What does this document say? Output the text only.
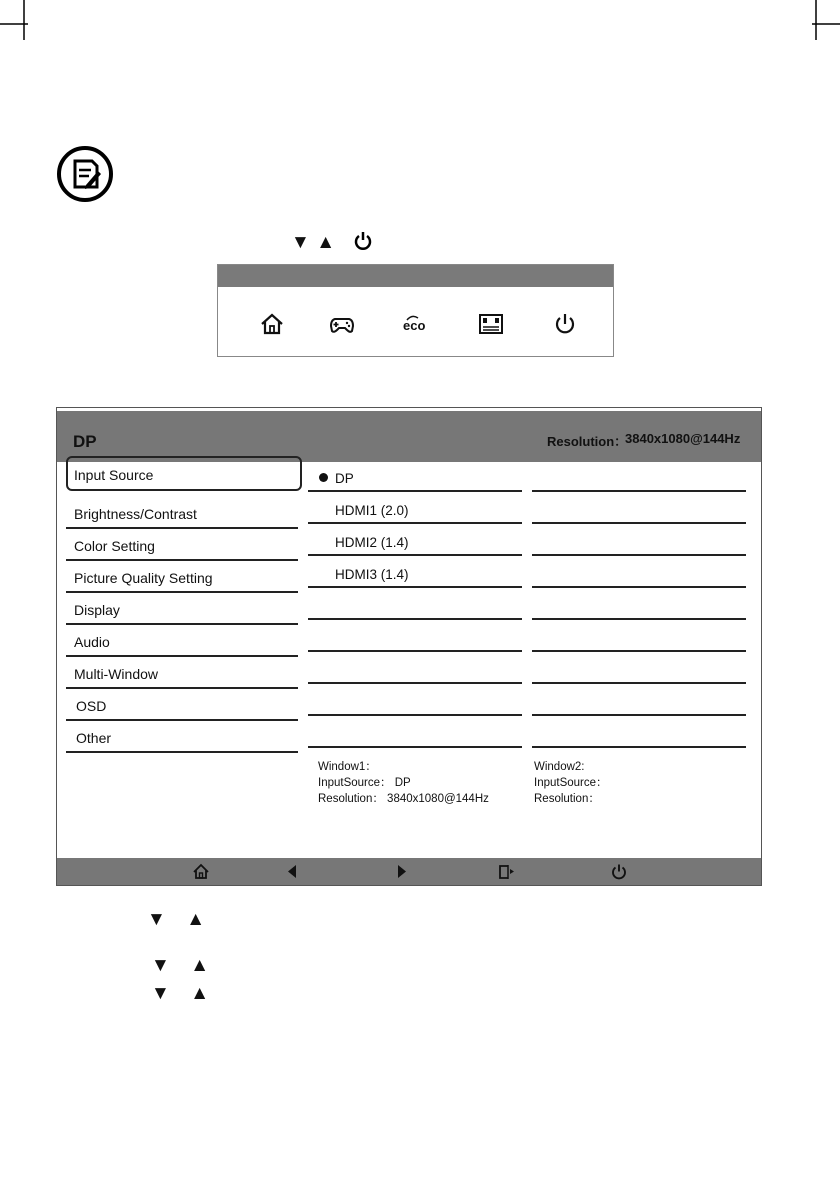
▼ ▲
eco
DP	Resolution：
3840x1080@144Hz
Input Source
Brightness/Contrast
Color Setting
Picture Quality Setting
Display
Audio
Multi-Window
OSD
Other
DP
HDMI1 (2.0)
HDMI2 (1.4)
HDMI3 (1.4)
Window1：
InputSource： DP
Resolution： 3840x1080@144Hz
Window2:
InputSource：
Resolution：
▼ ▲
▼ ▲
▼ ▲
